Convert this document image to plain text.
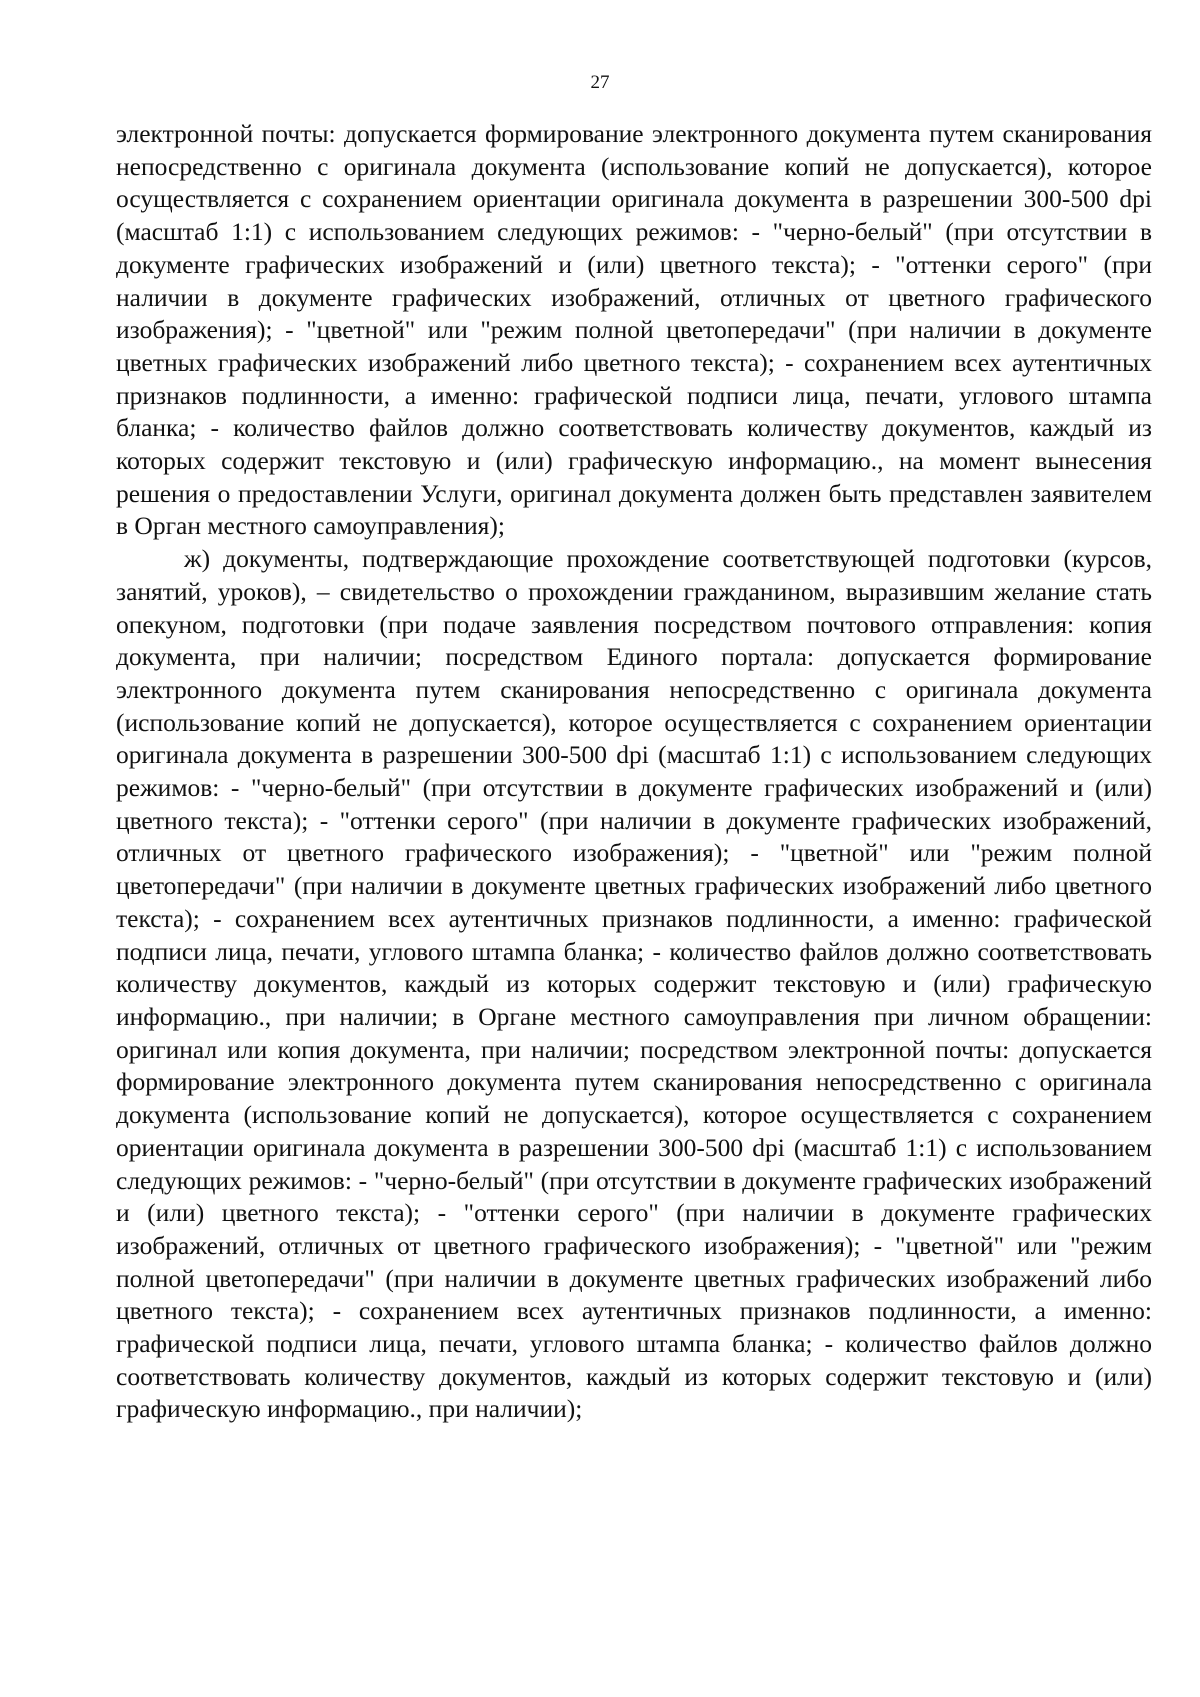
27

электронной почты: допускается формирование электронного документа путем сканирования непосредственно с оригинала документа (использование копий не допускается), которое осуществляется с сохранением ориентации оригинала документа в разрешении 300-500 dpi (масштаб 1:1) с использованием следующих режимов: - "черно-белый" (при отсутствии в документе графических изображений и (или) цветного текста); - "оттенки серого" (при наличии в документе графических изображений, отличных от цветного графического изображения); - "цветной" или "режим полной цветопередачи" (при наличии в документе цветных графических изображений либо цветного текста); - сохранением всех аутентичных признаков подлинности, а именно: графической подписи лица, печати, углового штампа бланка; - количество файлов должно соответствовать количеству документов, каждый из которых содержит текстовую и (или) графическую информацию., на момент вынесения решения о предоставлении Услуги, оригинал документа должен быть представлен заявителем в Орган местного самоуправления);

ж) документы, подтверждающие прохождение соответствующей подготовки (курсов, занятий, уроков), – свидетельство о прохождении гражданином, выразившим желание стать опекуном, подготовки (при подаче заявления посредством почтового отправления: копия документа, при наличии; посредством Единого портала: допускается формирование электронного документа путем сканирования непосредственно с оригинала документа (использование копий не допускается), которое осуществляется с сохранением ориентации оригинала документа в разрешении 300-500 dpi (масштаб 1:1) с использованием следующих режимов: - "черно-белый" (при отсутствии в документе графических изображений и (или) цветного текста); - "оттенки серого" (при наличии в документе графических изображений, отличных от цветного графического изображения); - "цветной" или "режим полной цветопередачи" (при наличии в документе цветных графических изображений либо цветного текста); - сохранением всех аутентичных признаков подлинности, а именно: графической подписи лица, печати, углового штампа бланка; - количество файлов должно соответствовать количеству документов, каждый из которых содержит текстовую и (или) графическую информацию., при наличии; в Органе местного самоуправления при личном обращении: оригинал или копия документа, при наличии; посредством электронной почты: допускается формирование электронного документа путем сканирования непосредственно с оригинала документа (использование копий не допускается), которое осуществляется с сохранением ориентации оригинала документа в разрешении 300-500 dpi (масштаб 1:1) с использованием следующих режимов: - "черно-белый" (при отсутствии в документе графических изображений и (или) цветного текста); - "оттенки серого" (при наличии в документе графических изображений, отличных от цветного графического изображения); - "цветной" или "режим полной цветопередачи" (при наличии в документе цветных графических изображений либо цветного текста); - сохранением всех аутентичных признаков подлинности, а именно: графической подписи лица, печати, углового штампа бланка; - количество файлов должно соответствовать количеству документов, каждый из которых содержит текстовую и (или) графическую информацию., при наличии);
